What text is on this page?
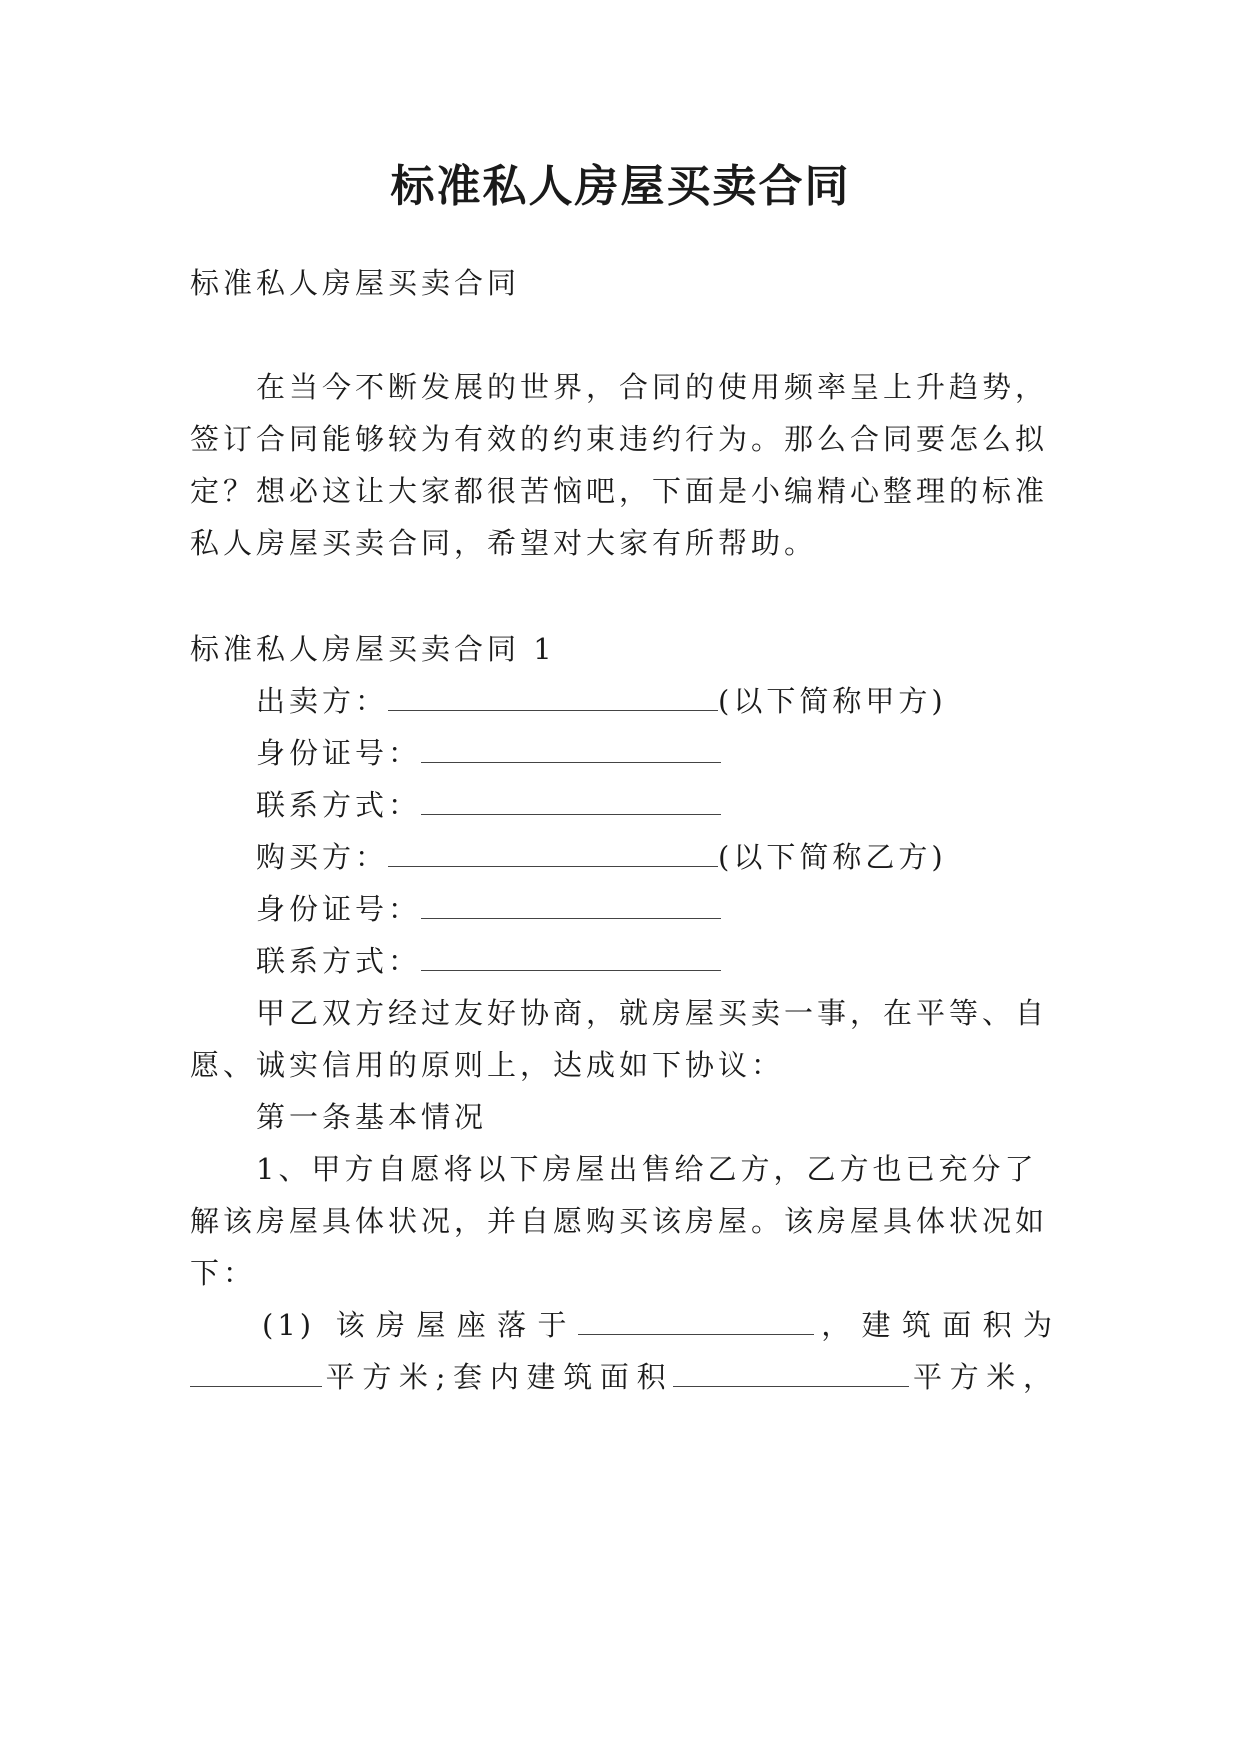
标准私人房屋买卖合同
标准私人房屋买卖合同
在当今不断发展的世界，合同的使用频率呈上升趋势，
签订合同能够较为有效的约束违约行为。那么合同要怎么拟
定？想必这让大家都很苦恼吧，下面是小编精心整理的标准
私人房屋买卖合同，希望对大家有所帮助。
标准私人房屋买卖合同 1
出卖方：	(以下简称甲方)
身份证号：
联系方式：
购买方：	(以下简称乙方)
身份证号：
联系方式：
甲乙双方经过友好协商，就房屋买卖一事，在平等、自
愿、诚实信用的原则上，达成如下协议：
第一条基本情况
1、甲方自愿将以下房屋出售给乙方，乙方也已充分了
解该房屋具体状况，并自愿购买该房屋。该房屋具体状况如
下：
(1) 该房屋座落于	，建筑面积为
平方米;套内建筑面积	平方米，
